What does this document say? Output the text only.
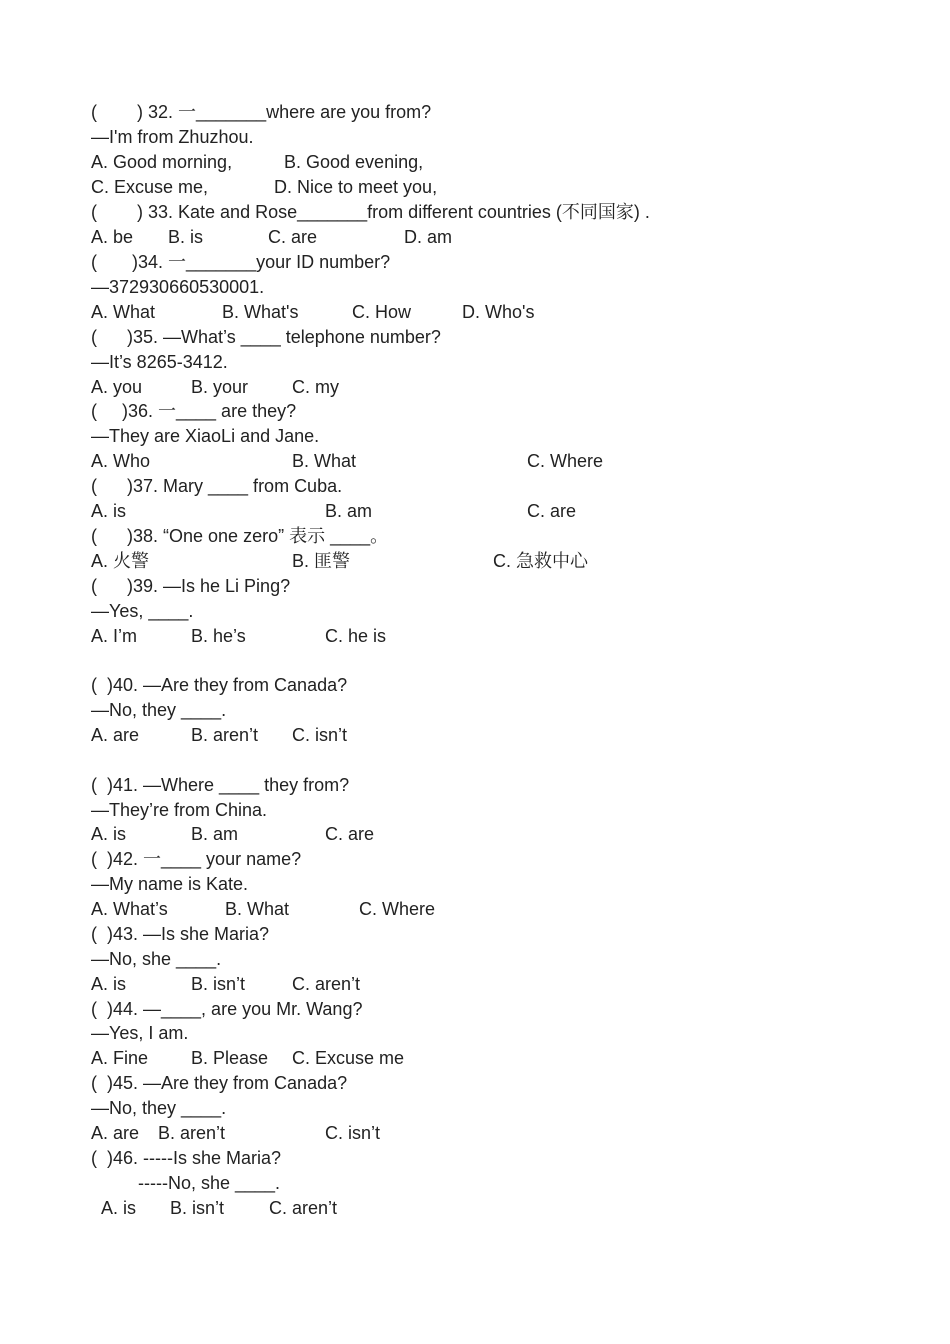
(        ) 32. 一_______where are you from?
—I'm from Zhuzhou.
A. Good morning,	B. Good evening,
C. Excuse me,	D. Nice to meet you,
(        ) 33. Kate and Rose_______from different countries (不同国家) .
A. be B. is	C. are	D. am
(       )34. 一_______your ID number?
—372930660530001.
A. What	B. What's	C. How	D. Who's
(      )35. —What’s ____ telephone number?
—It’s 8265-3412.
A. you	B. your C. my
(     )36. 一____ are they?
—They are XiaoLi and Jane.
A. Who	B. What	C. Where
(      )37. Mary ____ from Cuba.
A. is	B. am	C. are
(      )38. “One one zero” 表示 ____。
A. 火警	B. 匪警	C. 急救中心
(      )39. —Is he Li Ping?
—Yes, ____.
A. I’m	B. he’s	C. he is
(  )40. —Are they from Canada?
—No, they ____.
A. are	B. aren’t C. isn’t
(  )41. —Where ____ they from?
—They’re from China.
A. is	B. am	C. are
(  )42. 一____ your name?
—My name is Kate.
A. What’s	B. What	C. Where
(  )43. —Is she Maria?
—No, she ____.
A. is	B. isn’t	C. aren’t
(  )44. —____, are you Mr. Wang?
—Yes, I am.
A. Fine B. Please C. Excuse me
(  )45. —Are they from Canada?
—No, they ____.
A. are B. aren’t	C. isn’t
(  )46. -----Is she Maria?
-----No, she ____.
A. is B. isn’t C. aren’t
